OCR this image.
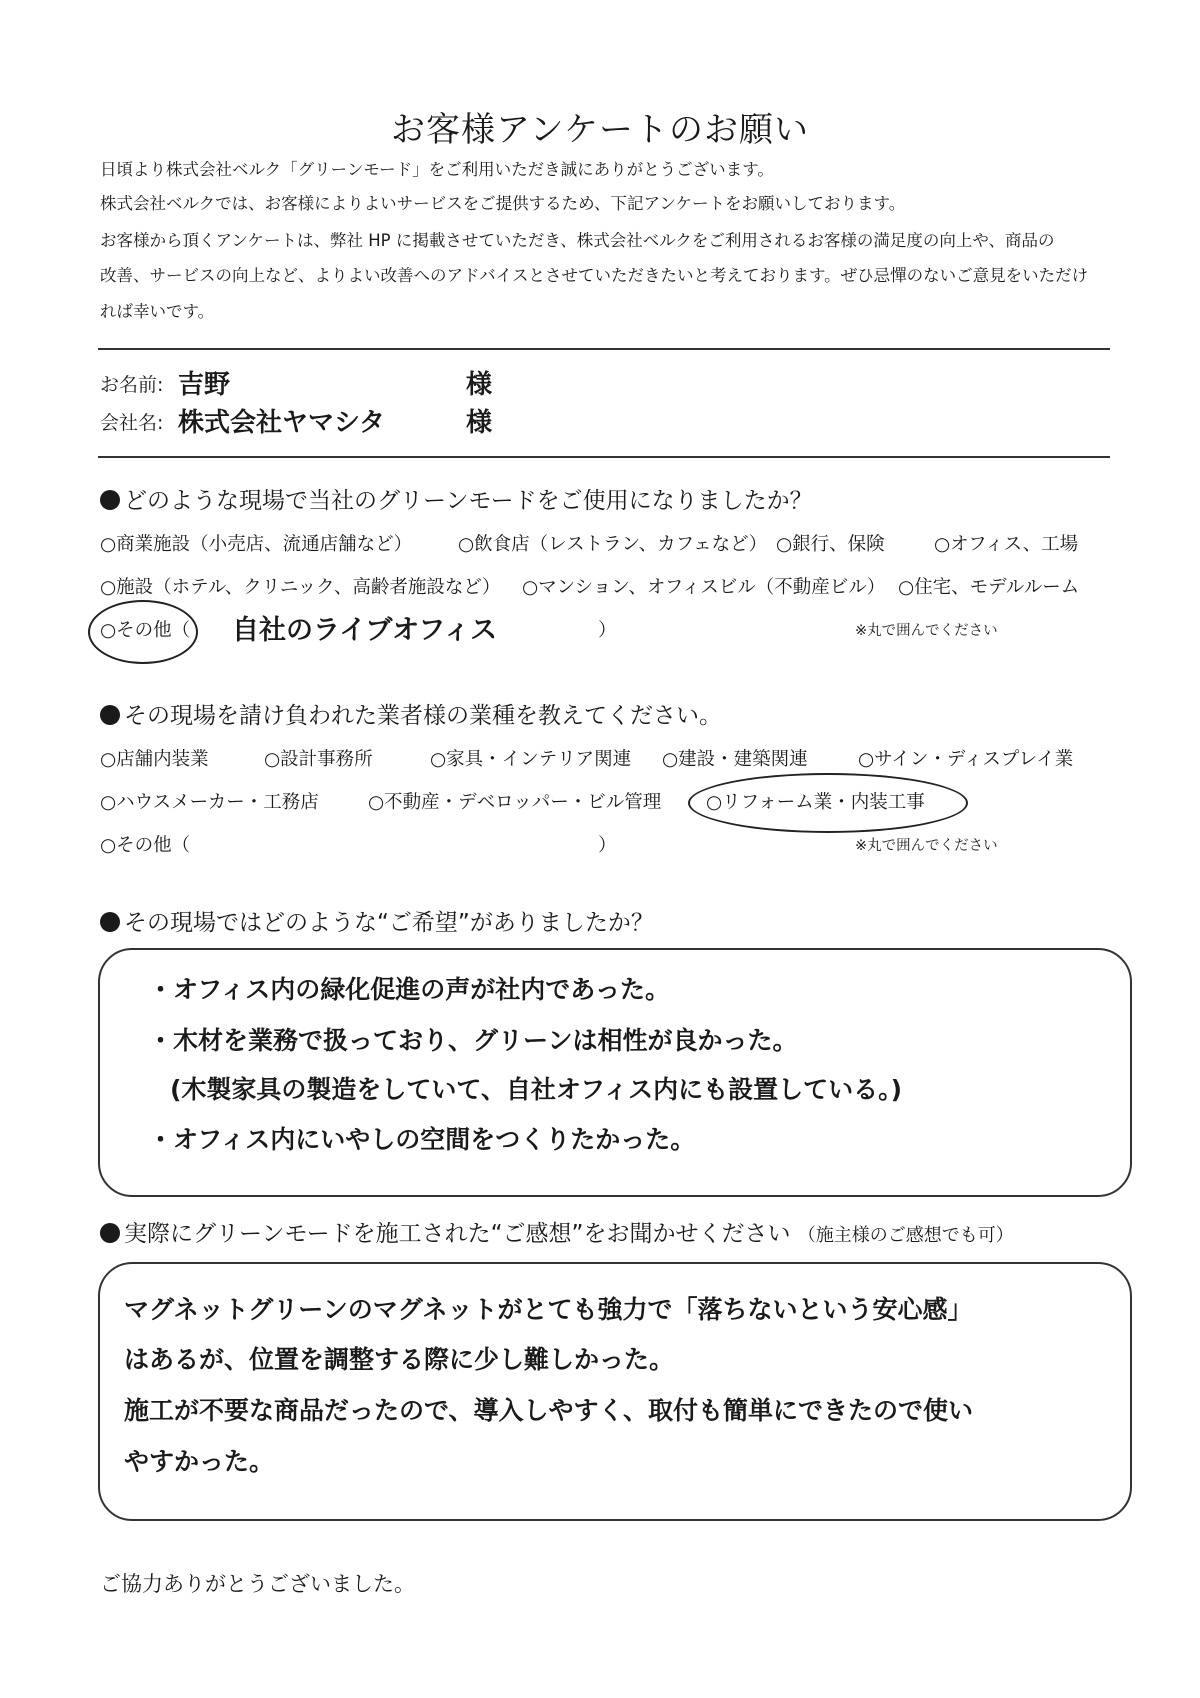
お客様アンケートのお願い
日頃より株式会社ベルク「グリーンモード」をご利用いただき誠にありがとうございます。
株式会社ベルクでは、お客様によりよいサービスをご提供するため、下記アンケートをお願いしております。
お客様から頂くアンケートは、弊社 HP に掲載させていただき、株式会社ベルクをご利用されるお客様の満足度の向上や、商品の
改善、サービスの向上など、よりよい改善へのアドバイスとさせていただきたいと考えております。ぜひ忌憚のないご意見をいただけ
れば幸いです。
お名前: 吉野	様
会社名: 株式会社ヤマシタ	様
どのような現場で当社のグリーンモードをご使用になりましたか？
○商業施設（小売店、流通店舗など） ○飲食店（レストラン、カフェなど） ○銀行、保険	○オフィス、工場
○施設（ホテル、クリニック、高齢者施設など） ○マンション、オフィスビル（不動産ビル） ○住宅、モデルルーム
○その他（ 自社のライブオフィス	）	※丸で囲んでください
その現場を請け負われた業者様の業種を教えてください。
○店舗内装業	○設計事務所	○家具・インテリア関連 ○建設・建築関連	○サイン・ディスプレイ業
○ハウスメーカー・工務店	○不動産・デベロッパー・ビル管理 ○リフォーム業・内装工事
○その他（	）	※丸で囲んでください
その現場ではどのような“ご希望”がありましたか？
・オフィス内の緑化促進の声が社内であった。
・木材を業務で扱っており、グリーンは相性が良かった。
(木製家具の製造をしていて、自社オフィス内にも設置している。)
・オフィス内にいやしの空間をつくりたかった。
実際にグリーンモードを施工された“ご感想”をお聞かせください （施主様のご感想でも可）
マグネットグリーンのマグネットがとても強力で「落ちないという安心感」
はあるが、位置を調整する際に少し難しかった。
施工が不要な商品だったので、導入しやすく、取付も簡単にできたので使い
やすかった。
ご協力ありがとうございました。
